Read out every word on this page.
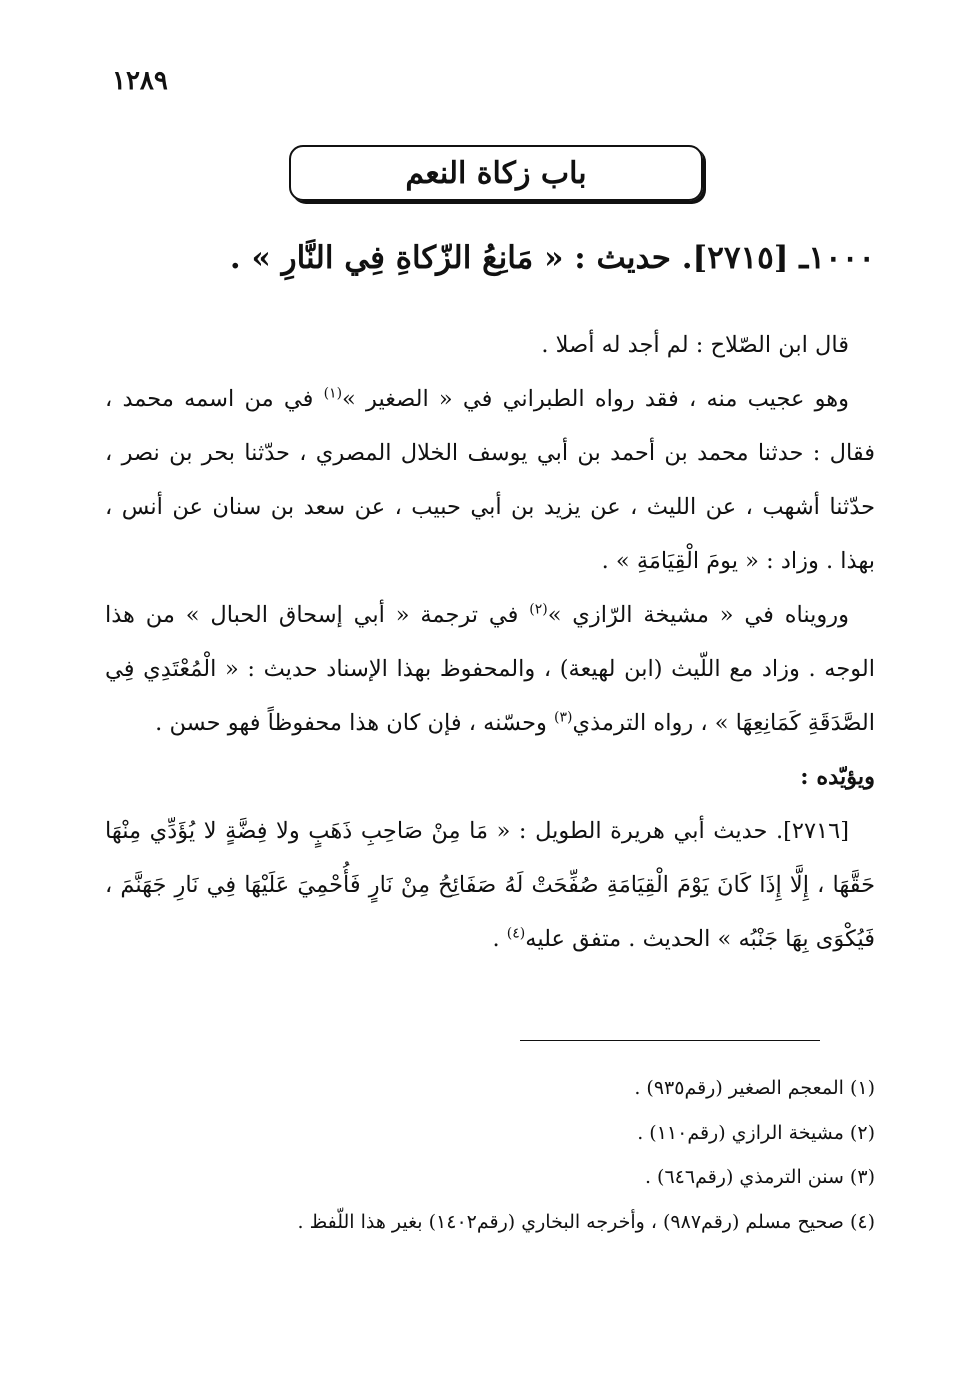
١٢٨٩
باب زكاة النعم
١٠٠٠ـ [٢٧١٥]. حديث : « مَانِعُ الزّكاةِ فِي النَّارِ » .

قال ابن الصّلاح : لم أجد له أصلا .

وهو عجيب منه ، فقد رواه الطبراني في « الصغير »$^{(١)}$ في من اسمه محمد ، فقال : حدثنا محمد بن أحمد بن أبي يوسف الخلال المصري ، حدّثنا بحر بن نصر ، حدّثنا أشهب ، عن الليث ، عن يزيد بن أبي حبيب ، عن سعد بن سنان عن أنس ، بهذا . وزاد : « يومَ الْقِيَامَةِ » .

ورويناه في « مشيخة الرّازي »$^{(٢)}$ في ترجمة « أبي إسحاق الحبال » من هذا الوجه . وزاد مع اللّيث (ابن لهيعة) ، والمحفوظ بهذا الإسناد حديث : « الْمُعْتَدِي فِي الصَّدَقَةِ كَمَانِعِهَا » ، رواه الترمذي$^{(٣)}$ وحسّنه ، فإن كان هذا محفوظاً فهو حسن .

ويؤيّده :

[٢٧١٦]. حديث أبي هريرة الطويل : « مَا مِنْ صَاحِبِ ذَهَبٍ ولا فِضَّةٍ لا يُؤَدِّي مِنْهَا حَقَّهَا ، إِلَّا إِذَا كَانَ يَوْمَ الْقِيَامَةِ صُفِّحَتْ لَهُ صَفَائِحُ مِنْ نَارٍ فَأُحْمِيَ عَلَيْهَا فِي نَارِ جَهَنَّمَ ، فَيُكْوَى بِهَا جَنْبُه » الحديث . متفق عليه$^{(٤)}$ .

(١) المعجم الصغير (رقم٩٣٥) .

(٢) مشيخة الرازي (رقم١١٠) .

(٣) سنن الترمذي (رقم٦٤٦) .

(٤) صحيح مسلم (رقم٩٨٧) ، وأخرجه البخاري (رقم١٤٠٢) بغير هذا اللّفظ .
